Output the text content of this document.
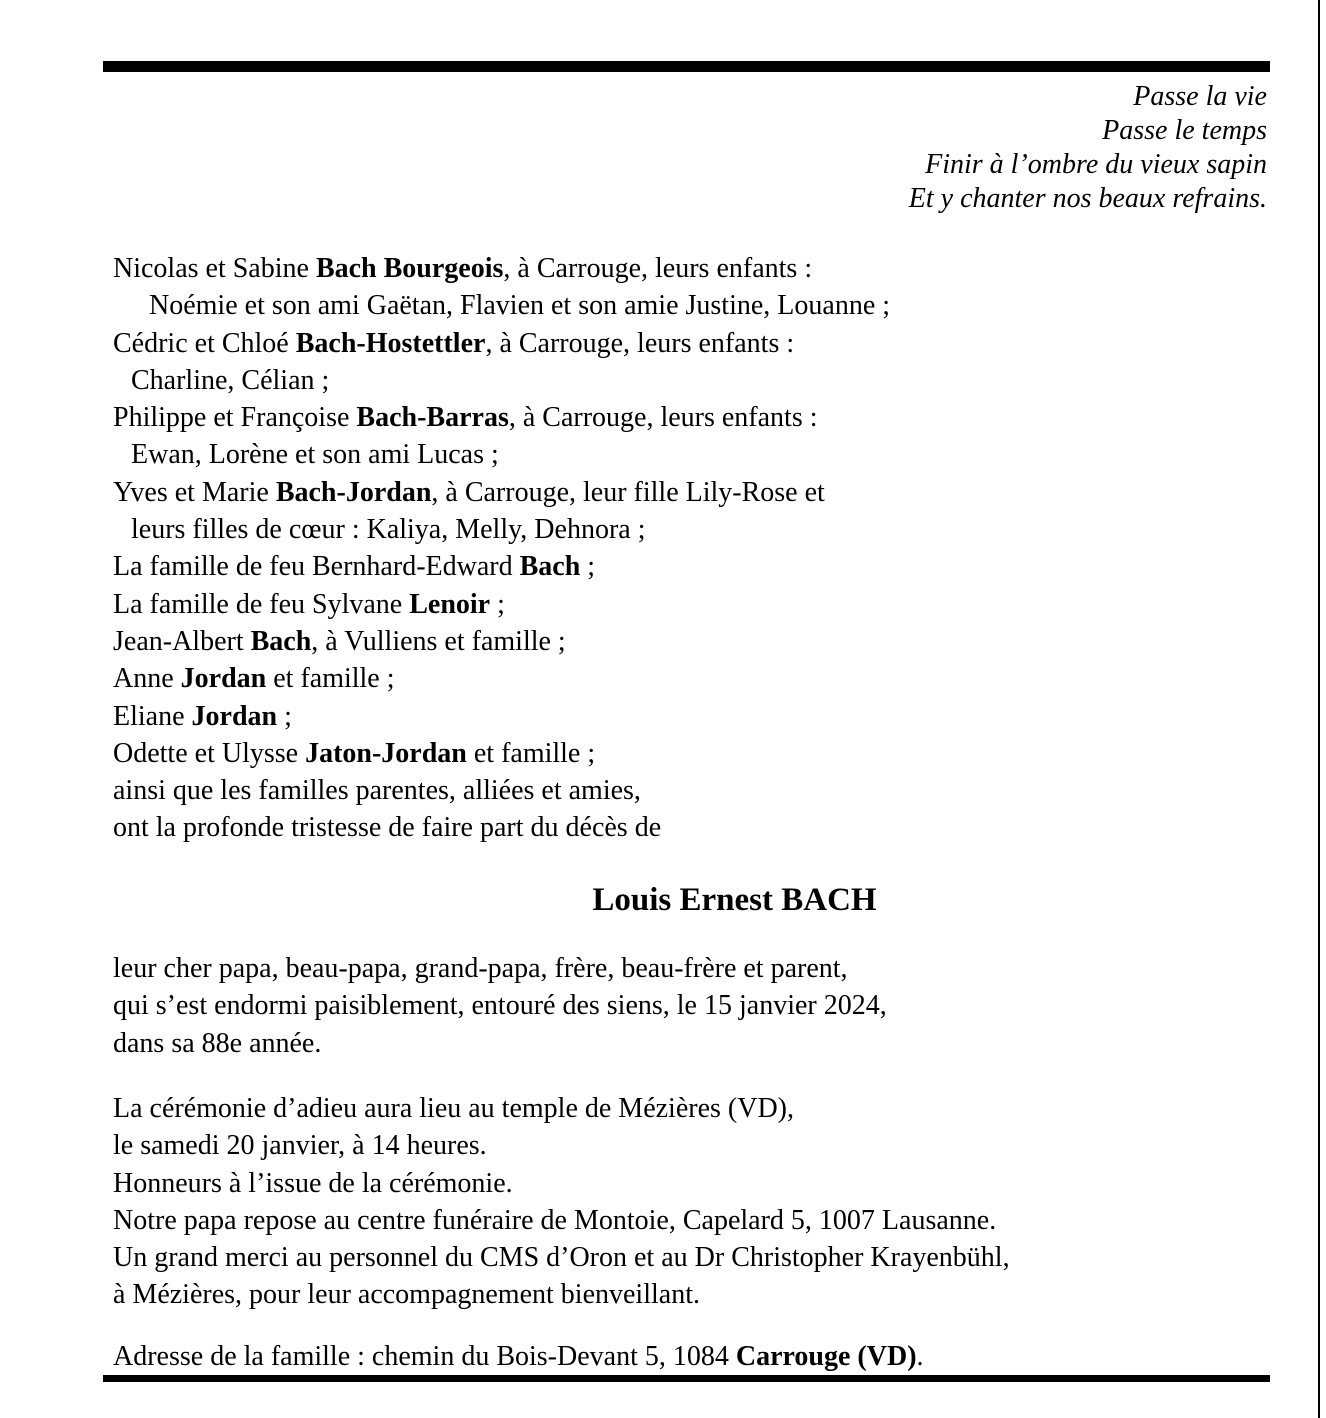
Passe la vie
Passe le temps
Finir à l’ombre du vieux sapin
Et y chanter nos beaux refrains.
Nicolas et Sabine Bach Bourgeois, à Carrouge, leurs enfants :
Noémie et son ami Gaëtan, Flavien et son amie Justine, Louanne ;
Cédric et Chloé Bach-Hostettler, à Carrouge, leurs enfants :
Charline, Célian ;
Philippe et Françoise Bach-Barras, à Carrouge, leurs enfants :
Ewan, Lorène et son ami Lucas ;
Yves et Marie Bach-Jordan, à Carrouge, leur fille Lily-Rose et
leurs filles de cœur : Kaliya, Melly, Dehnora ;
La famille de feu Bernhard-Edward Bach ;
La famille de feu Sylvane Lenoir ;
Jean-Albert Bach, à Vulliens et famille ;
Anne Jordan et famille ;
Eliane Jordan ;
Odette et Ulysse Jaton-Jordan et famille ;
ainsi que les familles parentes, alliées et amies,
ont la profonde tristesse de faire part du décès de
Louis Ernest BACH
leur cher papa, beau-papa, grand-papa, frère, beau-frère et parent,
qui s’est endormi paisiblement, entouré des siens, le 15 janvier 2024,
dans sa 88e année.
La cérémonie d’adieu aura lieu au temple de Mézières (VD),
le samedi 20 janvier, à 14 heures.
Honneurs à l’issue de la cérémonie.
Notre papa repose au centre funéraire de Montoie, Capelard 5, 1007 Lausanne.
Un grand merci au personnel du CMS d’Oron et au Dr Christopher Krayenbühl,
à Mézières, pour leur accompagnement bienveillant.
Adresse de la famille : chemin du Bois-Devant 5, 1084 Carrouge (VD).
